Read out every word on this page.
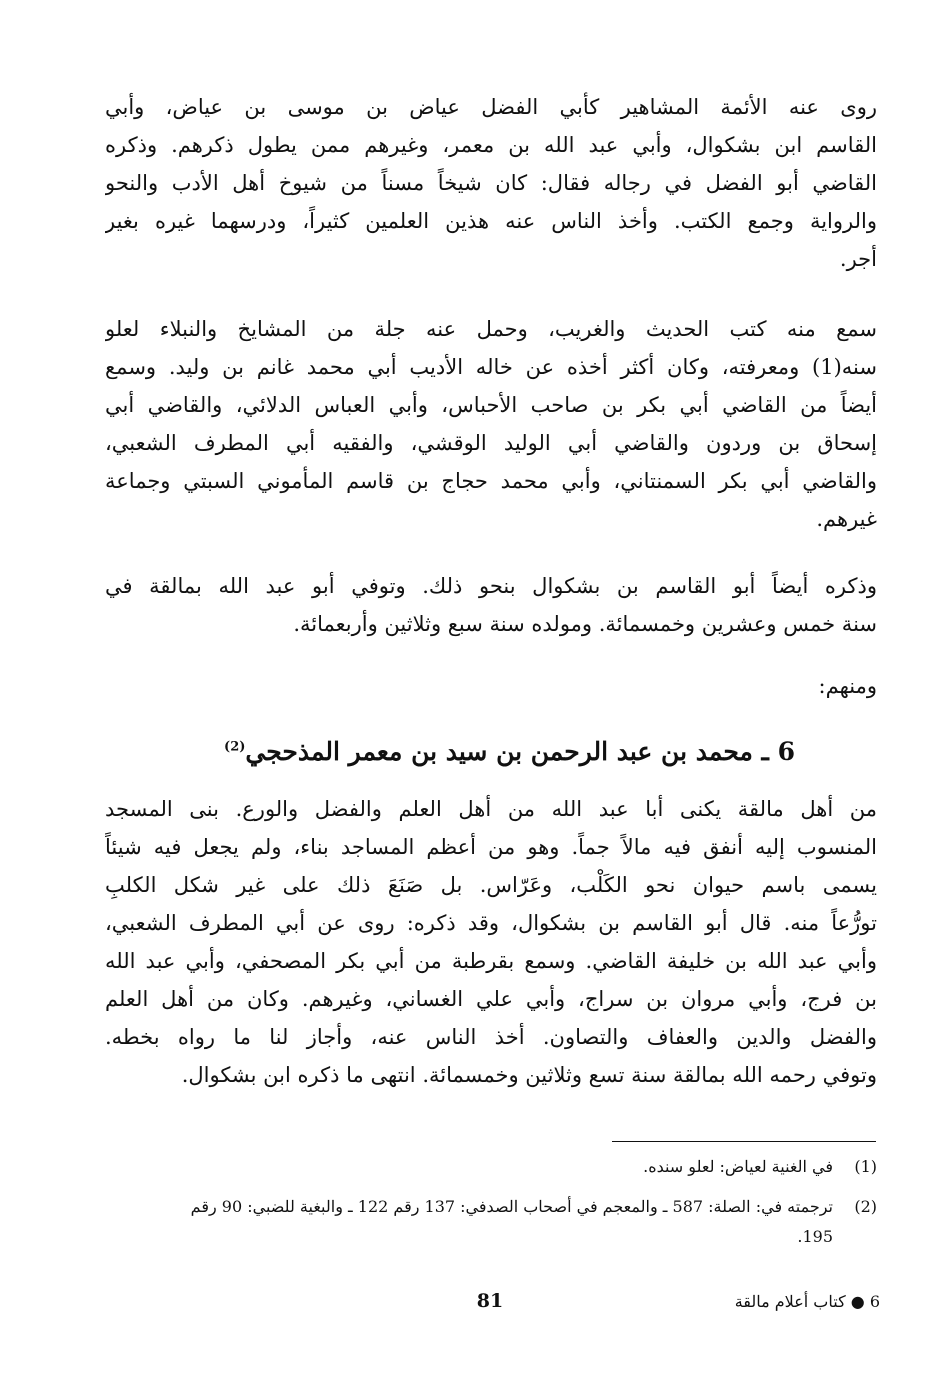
روى عنه الأئمة المشاهير كأبي الفضل عياض بن موسى بن عياض، وأبي
القاسم ابن بشكوال، وأبي عبد الله بن معمر، وغيرهم ممن يطول ذكرهم. وذكره
القاضي أبو الفضل في رجاله فقال: كان شيخاً مسناً من شيوخ أهل الأدب والنحو
والرواية وجمع الكتب. وأخذ الناس عنه هذين العلمين كثيراً، ودرسهما غيره بغير
أجر.
سمع منه كتب الحديث والغريب، وحمل عنه جلة من المشايخ والنبلاء لعلو
سنه(1) ومعرفته، وكان أكثر أخذه عن خاله الأديب أبي محمد غانم بن وليد. وسمع
أيضاً من القاضي أبي بكر بن صاحب الأحباس، وأبي العباس الدلائي، والقاضي أبي
إسحاق بن وردون والقاضي أبي الوليد الوقشي، والفقيه أبي المطرف الشعبي،
والقاضي أبي بكر السمنتاني، وأبي محمد حجاج بن قاسم المأموني السبتي وجماعة
غيرهم.
وذكره أيضاً أبو القاسم بن بشكوال بنحو ذلك. وتوفي أبو عبد الله بمالقة في
سنة خمس وعشرين وخمسمائة. ومولده سنة سبع وثلاثين وأربعمائة.
ومنهم:
6 ـ محمد بن عبد الرحمن بن سيد بن معمر المذحجي$^{(2)}$
من أهل مالقة يكنى أبا عبد الله من أهل العلم والفضل والورع. بنى المسجد
المنسوب إليه أنفق فيه مالاً جماً. وهو من أعظم المساجد بناء، ولم يجعل فيه شيئاً
يسمى باسم حيوان نحو الكَلْب، وعَرّاس. بل صَنَعَ ذلك على غير شكل الكلبِ
تورُّعاً منه. قال أبو القاسم بن بشكوال، وقد ذكره: روى عن أبي المطرف الشعبي،
وأبي عبد الله بن خليفة القاضي. وسمع بقرطبة من أبي بكر المصحفي، وأبي عبد الله
بن فرج، وأبي مروان بن سراج، وأبي علي الغساني، وغيرهم. وكان من أهل العلم
والفضل والدين والعفاف والتصاون. أخذ الناس عنه، وأجاز لنا ما رواه بخطه.
وتوفي رحمه الله بمالقة سنة تسع وثلاثين وخمسمائة. انتهى ما ذكره ابن بشكوال.
(1)في الغنية لعياض: لعلو سنده.
(2)ترجمته في: الصلة: 587 ـ والمعجم في أصحاب الصدفي: 137 رقم 122 ـ والبغية للضبي: 90 رقم
195.
81	6 ● كتاب أعلام مالقة
